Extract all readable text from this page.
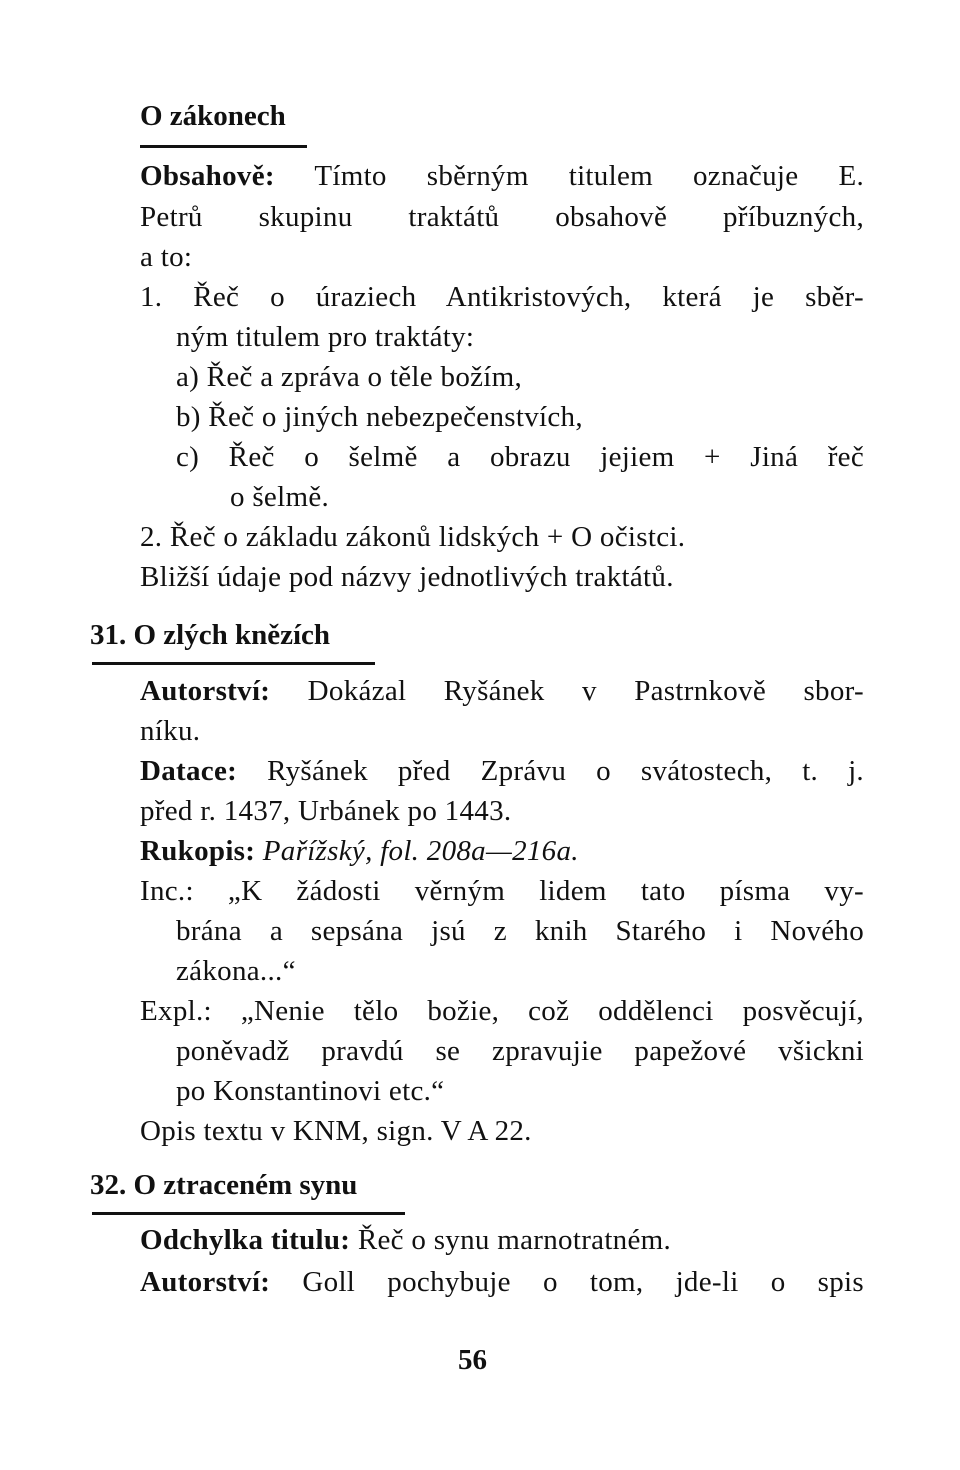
O zákonech
Obsahově: Tímto sběrným titulem označuje E.
Petrů skupinu traktátů obsahově příbuzných,
a to:
1. Řeč o úraziech Antikristových, která je sběr-
ným titulem pro traktáty:
a) Řeč a zpráva o těle božím,
b) Řeč o jiných nebezpečenstvích,
c) Řeč o šelmě a obrazu jejiem + Jiná řeč
o šelmě.
2. Řeč o základu zákonů lidských + O očistci.
Bližší údaje pod názvy jednotlivých traktátů.
31. O zlých knězích
Autorství: Dokázal Ryšánek v Pastrnkově sbor-
níku.
Datace: Ryšánek před Zprávu o svátostech, t. j.
před r. 1437, Urbánek po 1443.
Rukopis: Pařížský, fol. 208a—216a.
Inc.: „K žádosti věrným lidem tato písma vy-
brána a sepsána jsú z knih Starého i Nového
zákona...“
Expl.: „Nenie tělo božie, což oddělenci posvěcují,
poněvadž pravdú se zpravujie papežové všickni
po Konstantinovi etc.“
Opis textu v KNM, sign. V A 22.
32. O ztraceném synu
Odchylka titulu: Řeč o synu marnotratném.
Autorství: Goll pochybuje o tom, jde-li o spis
56
